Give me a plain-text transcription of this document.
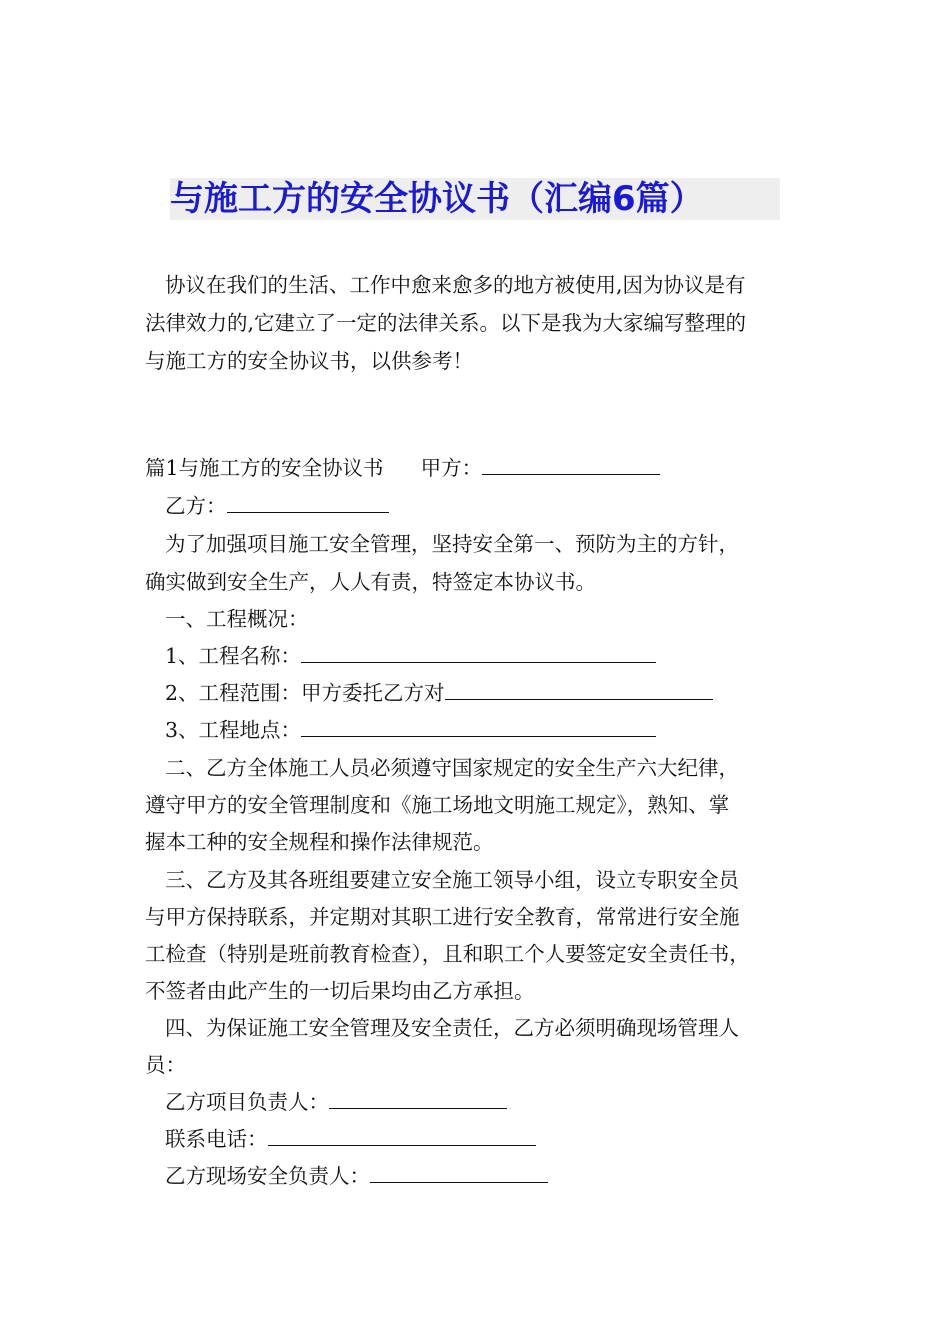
与施工方的安全协议书（汇编6篇）
协议在我们的生活、工作中愈来愈多的地方被使用,因为协议是有
法律效力的,它建立了一定的法律关系。以下是我为大家编写整理的
与施工方的安全协议书，以供参考！
篇1与施工方的安全协议书 甲方：
乙方：
为了加强项目施工安全管理，坚持安全第一、预防为主的方针，
确实做到安全生产，人人有责，特签定本协议书。
一、工程概况：
1、工程名称：
2、工程范围：甲方委托乙方对
3、工程地点：
二、乙方全体施工人员必须遵守国家规定的安全生产六大纪律，
遵守甲方的安全管理制度和《施工场地文明施工规定》，熟知、掌
握本工种的安全规程和操作法律规范。
三、乙方及其各班组要建立安全施工领导小组，设立专职安全员
与甲方保持联系，并定期对其职工进行安全教育，常常进行安全施
工检查（特别是班前教育检查），且和职工个人要签定安全责任书，
不签者由此产生的一切后果均由乙方承担。
四、为保证施工安全管理及安全责任，乙方必须明确现场管理人
员：
乙方项目负责人：
联系电话：
乙方现场安全负责人：
